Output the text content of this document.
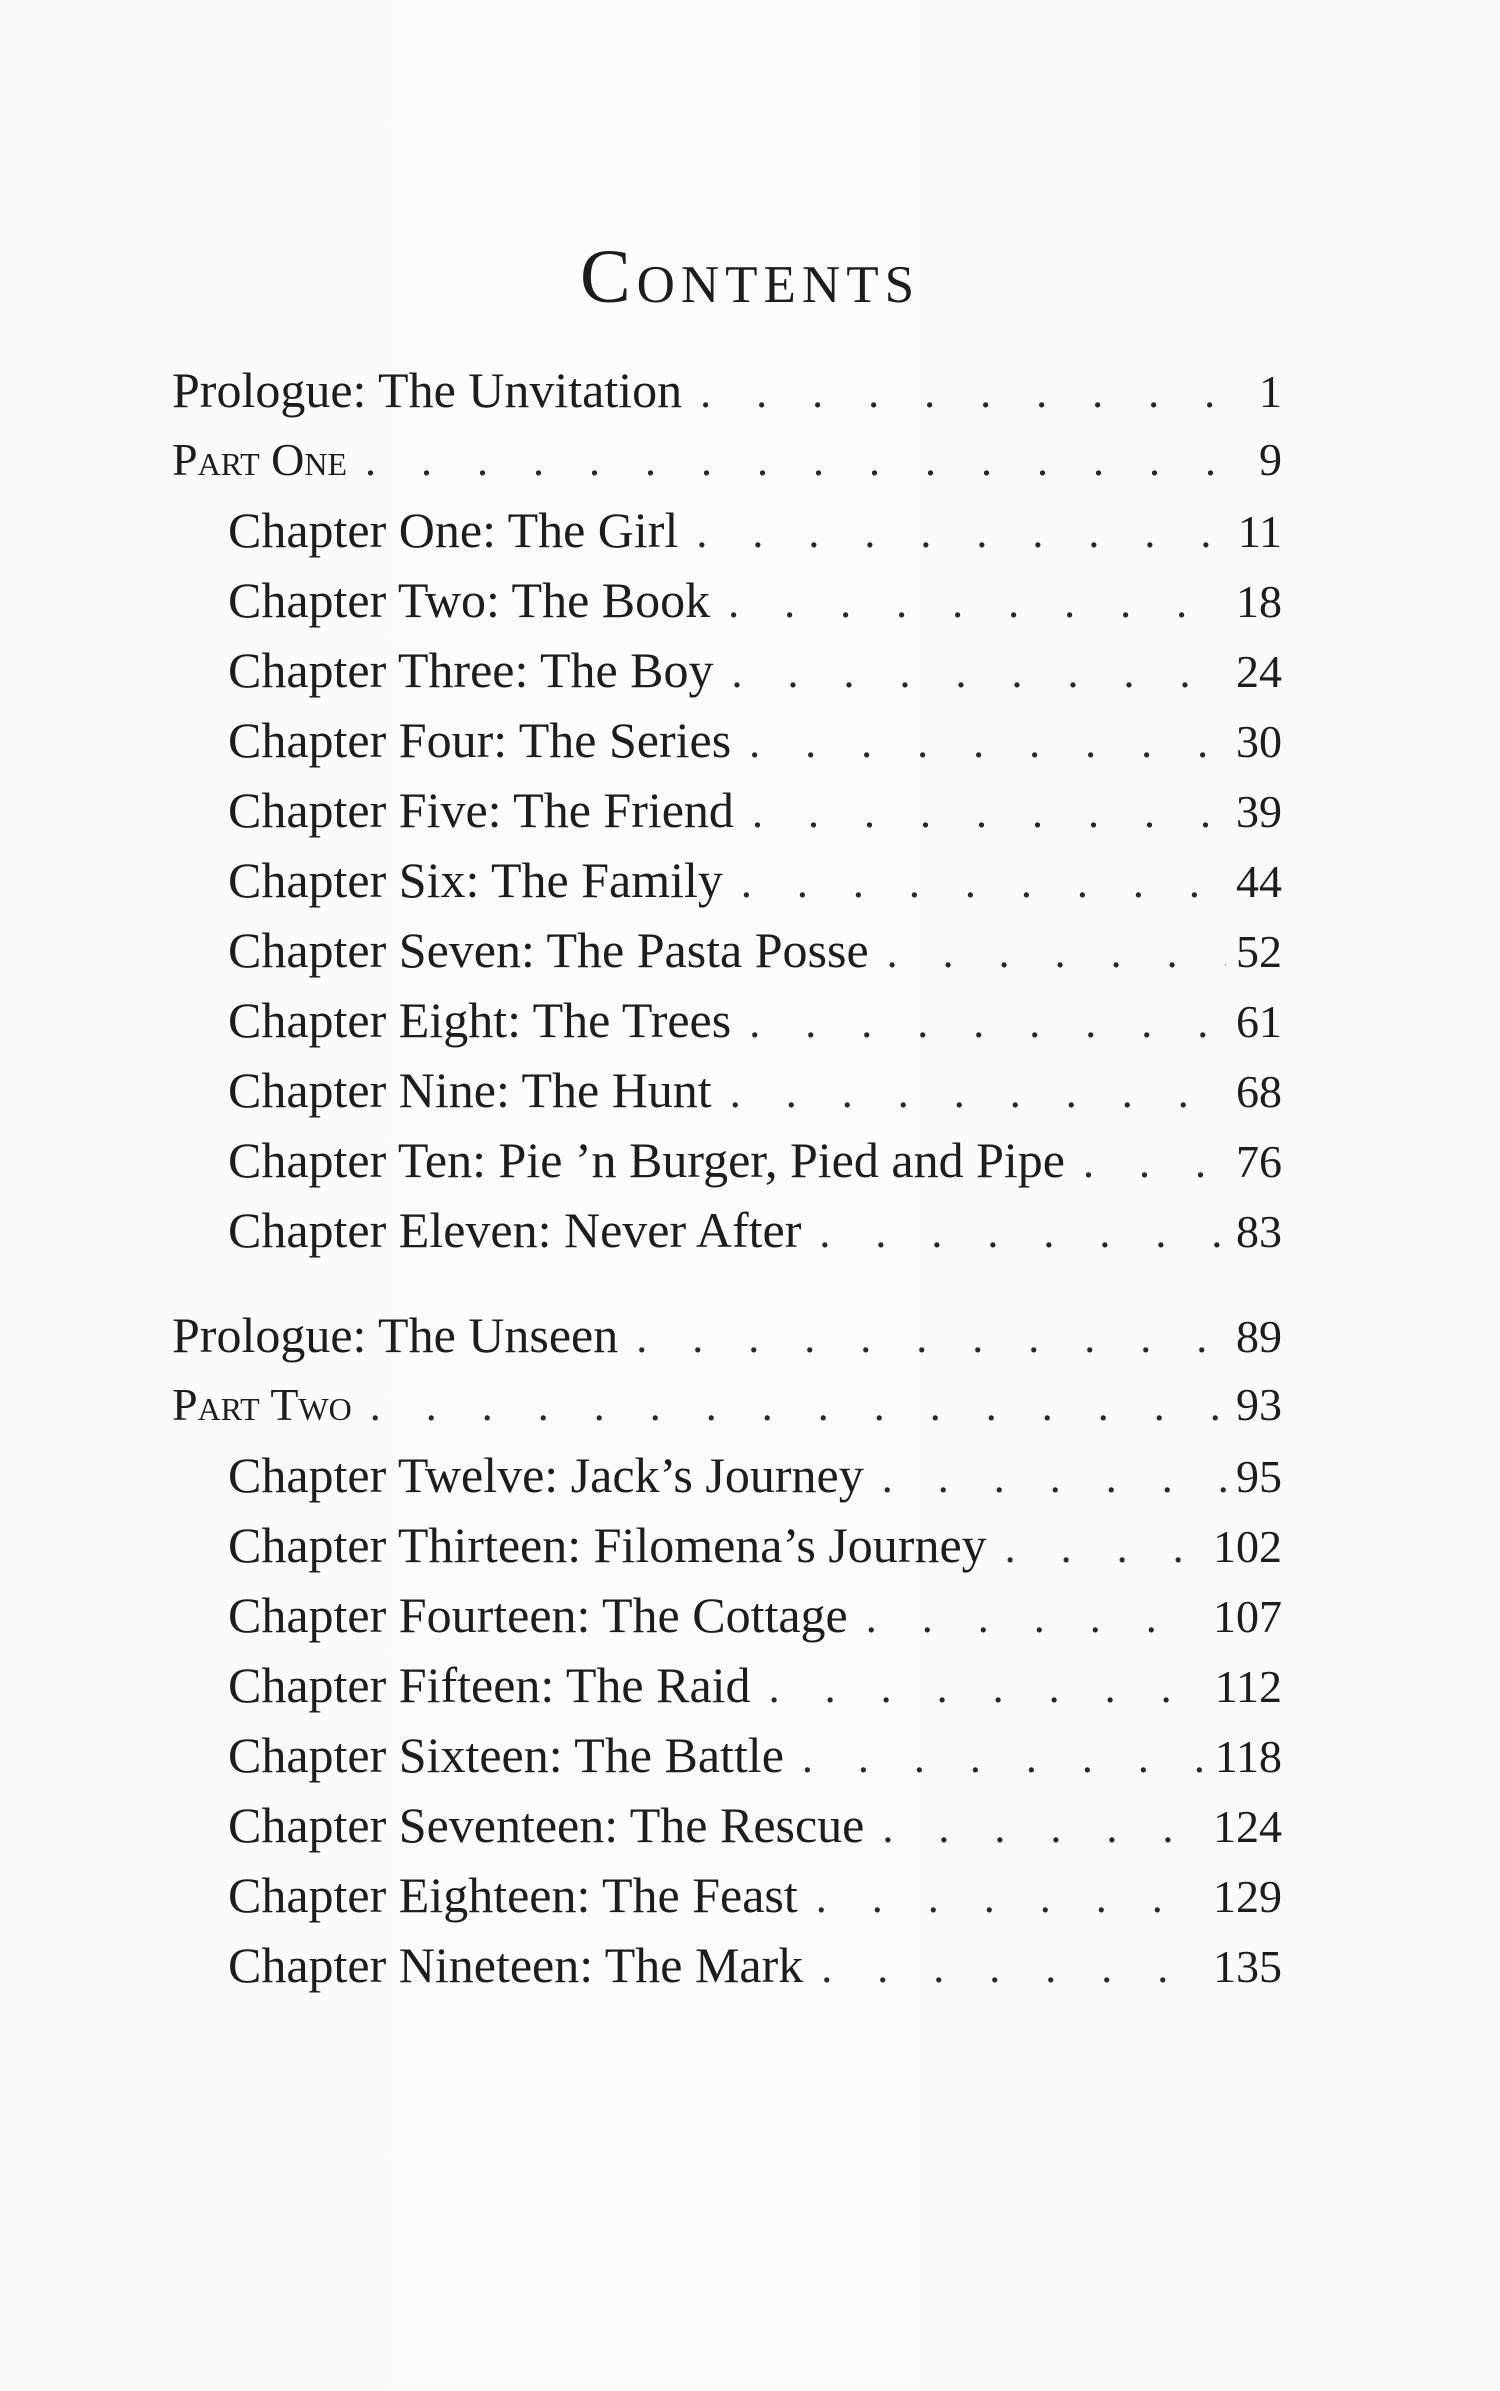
Contents
Prologue: The Unvitation . . .	1
Part One . . .	9
Chapter One: The Girl . . .	11
Chapter Two: The Book . . .	18
Chapter Three: The Boy . . .	24
Chapter Four: The Series . . .	30
Chapter Five: The Friend . . .	39
Chapter Six: The Family . . .	44
Chapter Seven: The Pasta Posse . . .	52
Chapter Eight: The Trees . . .	61
Chapter Nine: The Hunt . . .	68
Chapter Ten: Pie ’n Burger, Pied and Pipe . . .	76
Chapter Eleven: Never After . . .	83
Prologue: The Unseen . . .	89
Part Two . . .	93
Chapter Twelve: Jack’s Journey . . .	95
Chapter Thirteen: Filomena’s Journey . . .	102
Chapter Fourteen: The Cottage . . .	107
Chapter Fifteen: The Raid . . .	112
Chapter Sixteen: The Battle . . .	118
Chapter Seventeen: The Rescue . . .	124
Chapter Eighteen: The Feast . . .	129
Chapter Nineteen: The Mark . . .	135
